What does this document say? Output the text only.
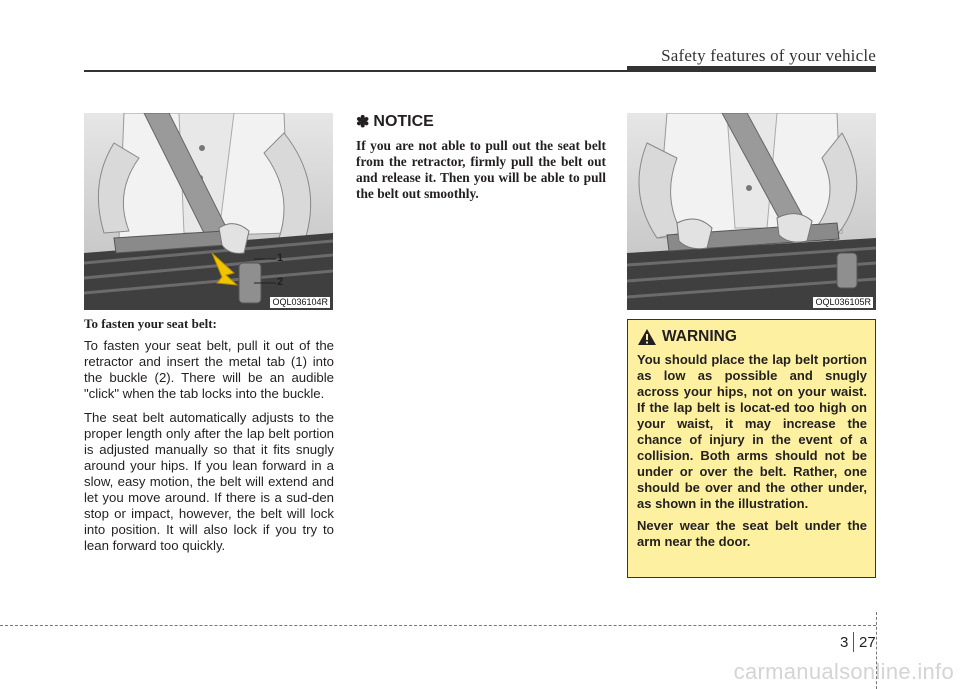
Safety features of your vehicle
1
2
OQL036104R	OQL036105R
To fasten your seat belt:

To fasten your seat belt, pull it out of the retractor and insert the metal tab (1) into the buckle (2). There will be an audible "click" when the tab locks into the buckle.

The seat belt automatically adjusts to the proper length only after the lap belt portion is adjusted manually so that it fits snugly around your hips. If you lean forward in a slow, easy motion, the belt will extend and let you move around. If there is a sud-den stop or impact, however, the belt will lock into position. It will also lock if you try to lean forward too quickly.

✽ NOTICE

If you are not able to pull out the seat belt from the retractor, firmly pull the belt out and release it. Then you will be able to pull the belt out smoothly.

WARNING

You should place the lap belt portion as low as possible and snugly across your hips, not on your waist. If the lap belt is locat-ed too high on your waist, it may increase the chance of injury in the event of a collision. Both arms should not be under or over the belt. Rather, one should be over and the other under, as shown in the illustration.

Never wear the seat belt under the arm near the door.

3 27
carmanualsonline.info
